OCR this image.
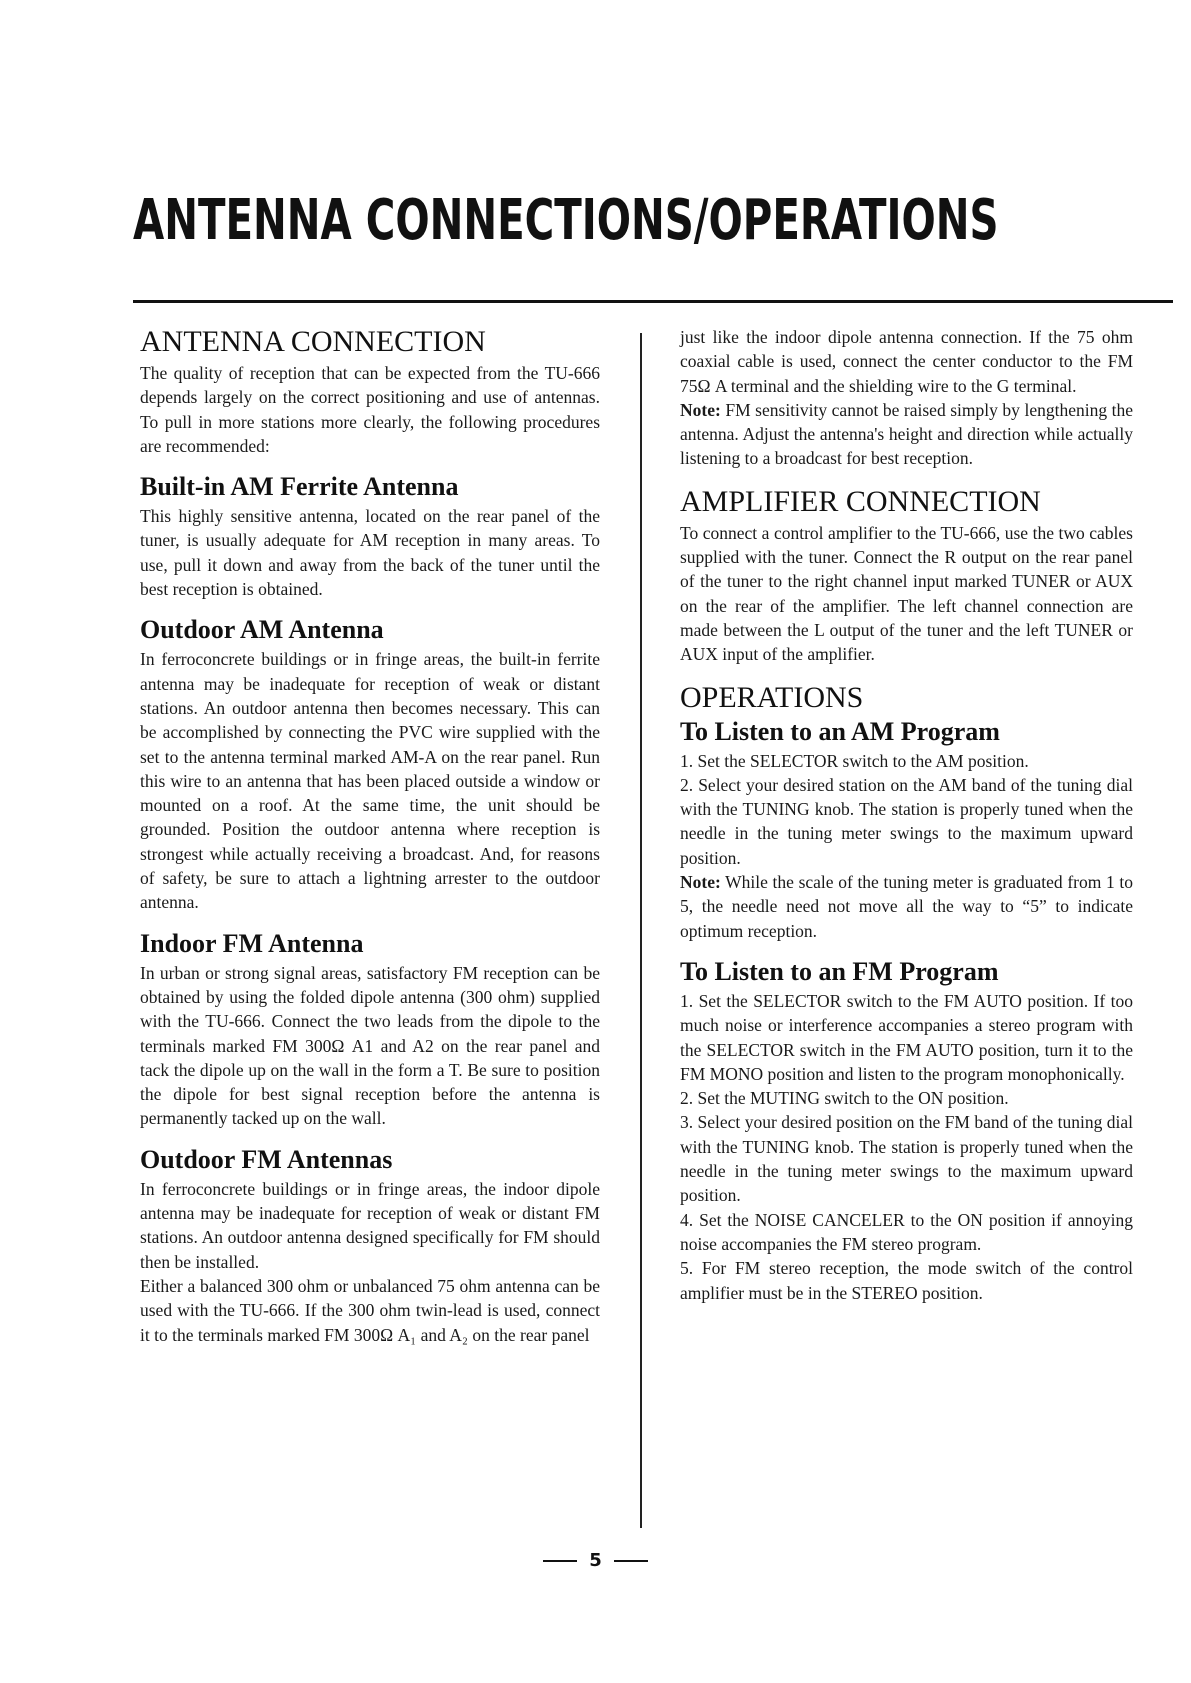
ANTENNA CONNECTIONS/OPERATIONS
ANTENNA CONNECTION

The quality of reception that can be expected from the TU-666 depends largely on the correct positioning and use of antennas. To pull in more stations more clearly, the following procedures are recommended:

Built-in AM Ferrite Antenna

This highly sensitive antenna, located on the rear panel of the tuner, is usually adequate for AM reception in many areas. To use, pull it down and away from the back of the tuner until the best reception is obtained.

Outdoor AM Antenna

In ferroconcrete buildings or in fringe areas, the built-in ferrite antenna may be inadequate for reception of weak or distant stations. An outdoor antenna then becomes necessary. This can be accomplished by connecting the PVC wire supplied with the set to the antenna terminal marked AM-A on the rear panel. Run this wire to an antenna that has been placed outside a window or mounted on a roof. At the same time, the unit should be grounded. Position the outdoor antenna where reception is strongest while actually receiving a broadcast. And, for reasons of safety, be sure to attach a lightning arrester to the outdoor antenna.

Indoor FM Antenna

In urban or strong signal areas, satisfactory FM reception can be obtained by using the folded dipole antenna (300 ohm) supplied with the TU-666. Connect the two leads from the dipole to the terminals marked FM 300Ω A1 and A2 on the rear panel and tack the dipole up on the wall in the form a T. Be sure to position the dipole for best signal reception before the antenna is permanently tacked up on the wall.

Outdoor FM Antennas

In ferroconcrete buildings or in fringe areas, the indoor dipole antenna may be inadequate for reception of weak or distant FM stations. An outdoor antenna designed specifically for FM should then be installed.

Either a balanced 300 ohm or unbalanced 75 ohm antenna can be used with the TU-666. If the 300 ohm twin-lead is used, connect it to the terminals marked FM 300Ω A₁ and A₂ on the rear panel

just like the indoor dipole antenna connection. If the 75 ohm coaxial cable is used, connect the center conductor to the FM 75Ω A terminal and the shielding wire to the G terminal.

Note: FM sensitivity cannot be raised simply by lengthening the antenna. Adjust the antenna's height and direction while actually listening to a broadcast for best reception.

AMPLIFIER CONNECTION

To connect a control amplifier to the TU-666, use the two cables supplied with the tuner. Connect the R output on the rear panel of the tuner to the right channel input marked TUNER or AUX on the rear of the amplifier. The left channel connection are made between the L output of the tuner and the left TUNER or AUX input of the amplifier.

OPERATIONS
To Listen to an AM Program

1. Set the SELECTOR switch to the AM position.

2. Select your desired station on the AM band of the tuning dial with the TUNING knob. The station is properly tuned when the needle in the tuning meter swings to the maximum upward position.

Note: While the scale of the tuning meter is graduated from 1 to 5, the needle need not move all the way to “5” to indicate optimum reception.

To Listen to an FM Program

1. Set the SELECTOR switch to the FM AUTO position. If too much noise or interference accompanies a stereo program with the SELECTOR switch in the FM AUTO position, turn it to the FM MONO position and listen to the program monophonically.

2. Set the MUTING switch to the ON position.

3. Select your desired position on the FM band of the tuning dial with the TUNING knob. The station is properly tuned when the needle in the tuning meter swings to the maximum upward position.

4. Set the NOISE CANCELER to the ON position if annoying noise accompanies the FM stereo program.

5. For FM stereo reception, the mode switch of the control amplifier must be in the STEREO position.

5
